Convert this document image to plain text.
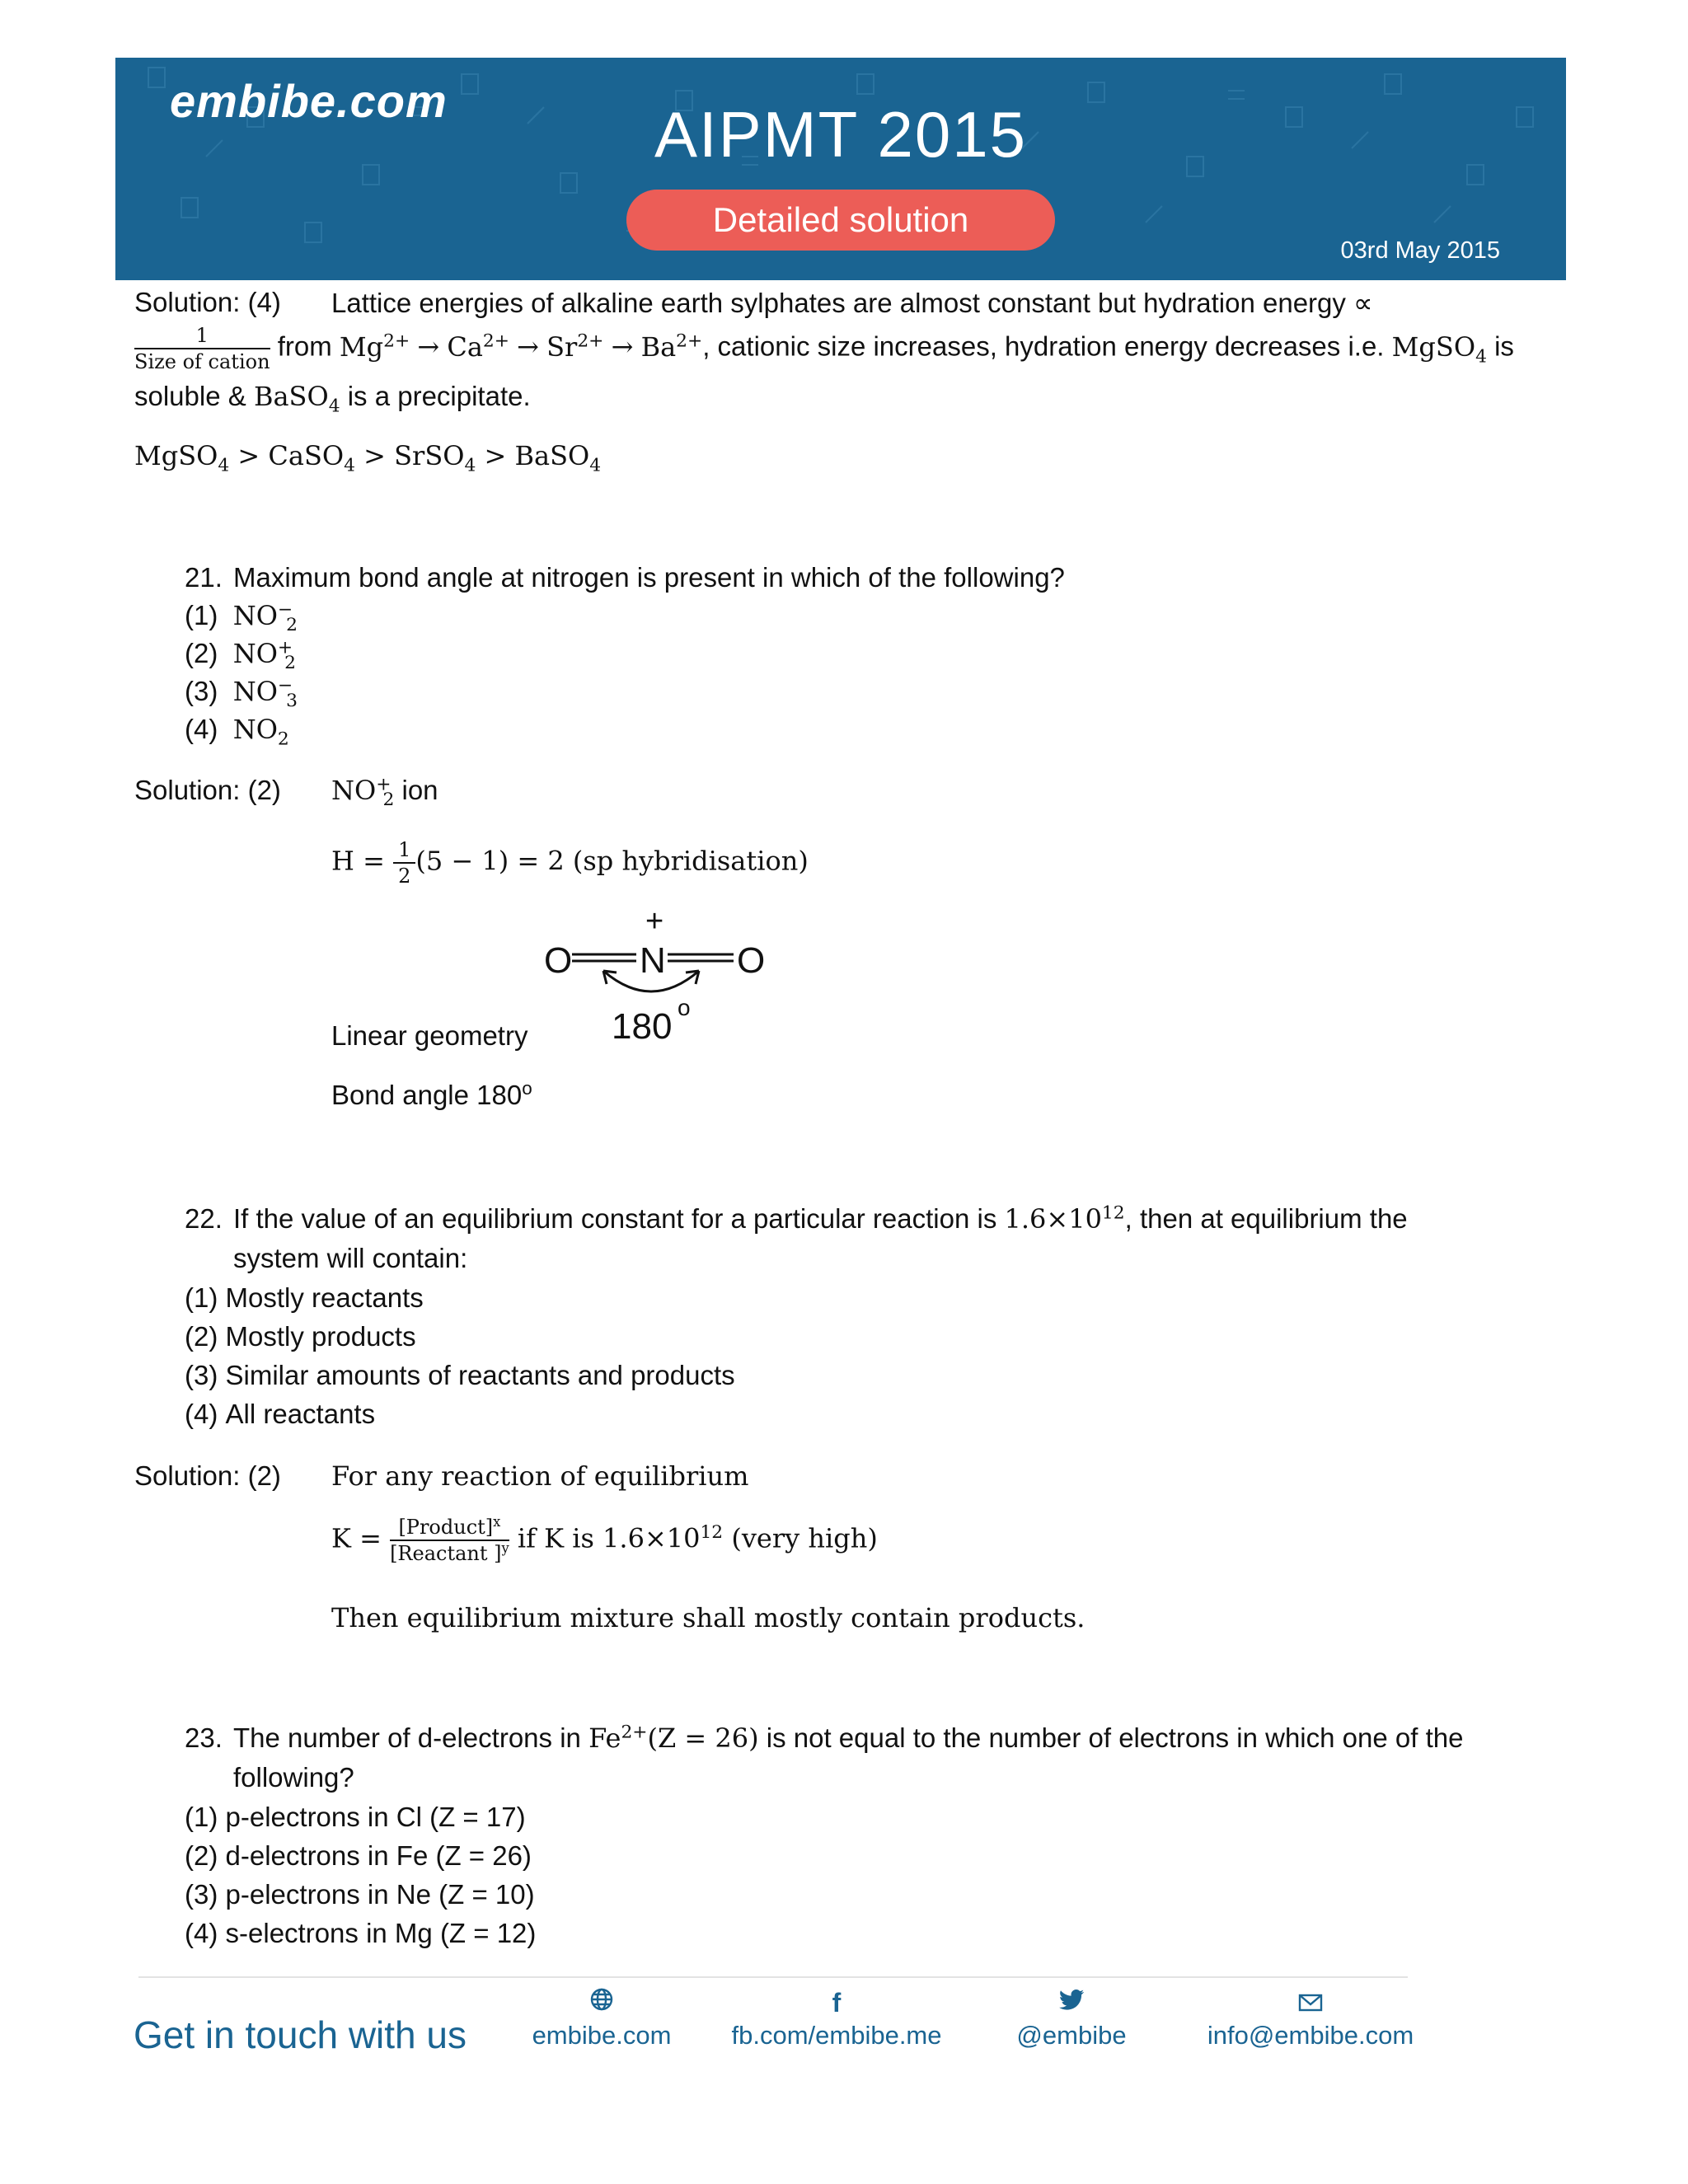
embibe.com	AIPMT 2015
Detailed solution
03rd May 2015
Solution: (4) Lattice energies of alkaline earth sylphates are almost constant but hydration energy ∝
$\frac{1}{\text{Size of cation}}$ from $Mg^{2+} \to Ca^{2+} \to Sr^{2+} \to Ba^{2+}$, cationic size increases, hydration energy decreases i.e. MgSO$_4$ is
soluble & BaSO$_4$ is a precipitate.
MgSO$_4$ > CaSO$_4$ > SrSO$_4$ > BaSO$_4$
21. Maximum bond angle at nitrogen is present in which of the following?
(1) $NO^-_2$
(2) $NO^+_2$
(3) $NO^-_3$
(4) $NO_2$
Solution: (2) $NO^+_2$ ion
$H = \frac{1}{2} (5 - 1) = 2$ (sp hybridisation)
+
O N O
180 o
Linear geometry
Bond angle 180$^o$
22. If the value of an equilibrium constant for a particular reaction is $1.6\times 10^{12}$, then at equilibrium the
system will contain:
(1) Mostly reactants
(2) Mostly products
(3) Similar amounts of reactants and products
(4) All reactants
Solution: (2) For any reaction of equilibrium
$K = \frac{[Product]^x}{[Reactant ]^y}$ if K is $1.6\times 10^{12}$ (very high)
Then equilibrium mixture shall mostly contain products.
23. The number of d-electrons in $Fe^{2+}(Z = 26)$ is not equal to the number of electrons in which one of the
following?
(1) p-electrons in Cl (Z = 17)
(2) d-electrons in Fe (Z = 26)
(3) p-electrons in Ne (Z = 10)
(4) s-electrons in Mg (Z = 12)
Get in touch with us	embibe.com
f
fb.com/embibe.me	@embibe	info@embibe.com
